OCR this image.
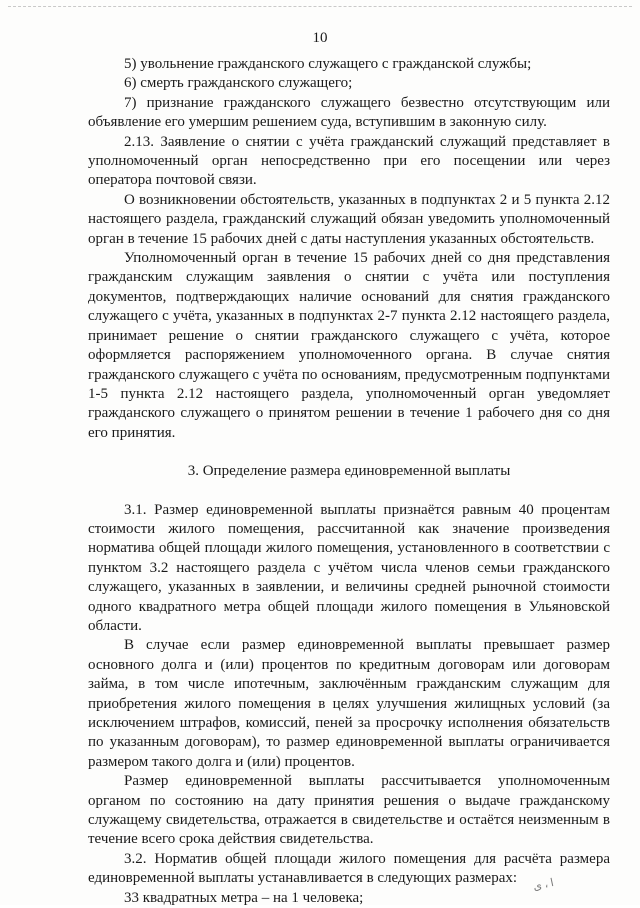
10

5) увольнение гражданского служащего с гражданской службы;

6) смерть гражданского служащего;

7) признание гражданского служащего безвестно отсутствующим или объявление его умершим решением суда, вступившим в законную силу.

2.13. Заявление о снятии с учёта гражданский служащий представляет в уполномоченный орган непосредственно при его посещении или через оператора почтовой связи.

О возникновении обстоятельств, указанных в подпунктах 2 и 5 пункта 2.12 настоящего раздела, гражданский служащий обязан уведомить уполномоченный орган в течение 15 рабочих дней с даты наступления указанных обстоятельств.

Уполномоченный орган в течение 15 рабочих дней со дня представления гражданским служащим заявления о снятии с учёта или поступления документов, подтверждающих наличие оснований для снятия гражданского служащего с учёта, указанных в подпунктах 2-7 пункта 2.12 настоящего раздела, принимает решение о снятии гражданского служащего с учёта, которое оформляется распоряжением уполномоченного органа. В случае снятия гражданского служащего с учёта по основаниям, предусмотренным подпунктами 1-5 пункта 2.12 настоящего раздела, уполномоченный орган уведомляет гражданского служащего о принятом решении в течение 1 рабочего дня со дня его принятия.

3. Определение размера единовременной выплаты

3.1. Размер единовременной выплаты признаётся равным 40 процентам стоимости жилого помещения, рассчитанной как значение произведения норматива общей площади жилого помещения, установленного в соответствии с пунктом 3.2 настоящего раздела с учётом числа членов семьи гражданского служащего, указанных в заявлении, и величины средней рыночной стоимости одного квадратного метра общей площади жилого помещения в Ульяновской области.

В случае если размер единовременной выплаты превышает размер основного долга и (или) процентов по кредитным договорам или договорам займа, в том числе ипотечным, заключённым гражданским служащим для приобретения жилого помещения в целях улучшения жилищных условий (за исключением штрафов, комиссий, пеней за просрочку исполнения обязательств по указанным договорам), то размер единовременной выплаты ограничивается размером такого долга и (или) процентов.

Размер единовременной выплаты рассчитывается уполномоченным органом по состоянию на дату принятия решения о выдаче гражданскому служащему свидетельства, отражается в свидетельстве и остаётся неизменным в течение всего срока действия свидетельства.

3.2. Норматив общей площади жилого помещения для расчёта размера единовременной выплаты устанавливается в следующих размерах:

33 квадратных метра – на 1 человека;

ا ، ی
